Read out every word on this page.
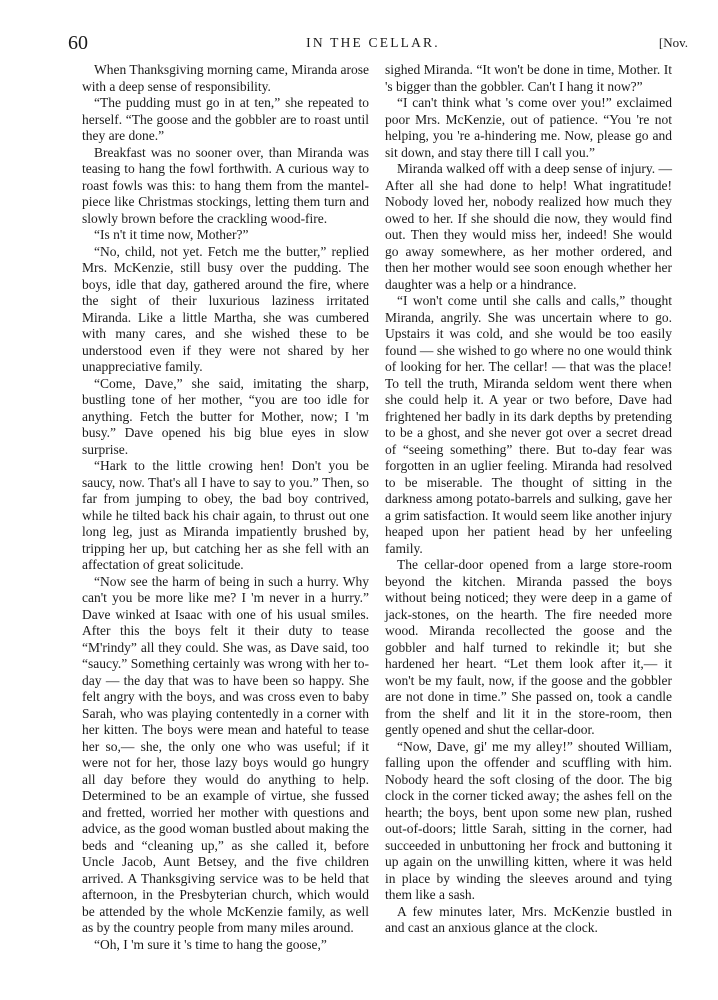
60	IN THE CELLAR.	[Nov.

When Thanksgiving morning came, Miranda arose with a deep sense of responsibility.

“The pudding must go in at ten,” she repeated to herself. “The goose and the gobbler are to roast until they are done.”

Breakfast was no sooner over, than Miranda was teasing to hang the fowl forthwith. A curious way to roast fowls was this: to hang them from the mantel-piece like Christmas stockings, letting them turn and slowly brown before the crackling wood-fire.

“Is n't it time now, Mother?”

“No, child, not yet. Fetch me the butter,” replied Mrs. McKenzie, still busy over the pudding. The boys, idle that day, gathered around the fire, where the sight of their luxurious laziness irritated Miranda. Like a little Martha, she was cumbered with many cares, and she wished these to be understood even if they were not shared by her unappreciative family.

“Come, Dave,” she said, imitating the sharp, bustling tone of her mother, “you are too idle for anything. Fetch the butter for Mother, now; I 'm busy.” Dave opened his big blue eyes in slow surprise.

“Hark to the little crowing hen! Don't you be saucy, now. That's all I have to say to you.” Then, so far from jumping to obey, the bad boy contrived, while he tilted back his chair again, to thrust out one long leg, just as Miranda impatiently brushed by, tripping her up, but catching her as she fell with an affectation of great solicitude.

“Now see the harm of being in such a hurry. Why can't you be more like me? I 'm never in a hurry.” Dave winked at Isaac with one of his usual smiles. After this the boys felt it their duty to tease “M'rindy” all they could. She was, as Dave said, too “saucy.” Something certainly was wrong with her to-day — the day that was to have been so happy. She felt angry with the boys, and was cross even to baby Sarah, who was playing contentedly in a corner with her kitten. The boys were mean and hateful to tease her so,— she, the only one who was useful; if it were not for her, those lazy boys would go hungry all day before they would do anything to help. Determined to be an example of virtue, she fussed and fretted, worried her mother with questions and advice, as the good woman bustled about making the beds and “cleaning up,” as she called it, before Uncle Jacob, Aunt Betsey, and the five children arrived. A Thanksgiving service was to be held that afternoon, in the Presbyterian church, which would be attended by the whole McKenzie family, as well as by the country people from many miles around.

“Oh, I 'm sure it 's time to hang the goose,”

sighed Miranda. “It won't be done in time, Mother. It 's bigger than the gobbler. Can't I hang it now?”

“I can't think what 's come over you!” exclaimed poor Mrs. McKenzie, out of patience. “You 're not helping, you 're a-hindering me. Now, please go and sit down, and stay there till I call you.”

Miranda walked off with a deep sense of injury. — After all she had done to help! What ingratitude! Nobody loved her, nobody realized how much they owed to her. If she should die now, they would find out. Then they would miss her, indeed! She would go away somewhere, as her mother ordered, and then her mother would see soon enough whether her daughter was a help or a hindrance.

“I won't come until she calls and calls,” thought Miranda, angrily. She was uncertain where to go. Upstairs it was cold, and she would be too easily found — she wished to go where no one would think of looking for her. The cellar! — that was the place! To tell the truth, Miranda seldom went there when she could help it. A year or two before, Dave had frightened her badly in its dark depths by pretending to be a ghost, and she never got over a secret dread of “seeing something” there. But to-day fear was forgotten in an uglier feeling. Miranda had resolved to be miserable. The thought of sitting in the darkness among potato-barrels and sulking, gave her a grim satisfaction. It would seem like another injury heaped upon her patient head by her unfeeling family.

The cellar-door opened from a large store-room beyond the kitchen. Miranda passed the boys without being noticed; they were deep in a game of jack-stones, on the hearth. The fire needed more wood. Miranda recollected the goose and the gobbler and half turned to rekindle it; but she hardened her heart. “Let them look after it,— it won't be my fault, now, if the goose and the gobbler are not done in time.” She passed on, took a candle from the shelf and lit it in the store-room, then gently opened and shut the cellar-door.

“Now, Dave, gi' me my alley!” shouted William, falling upon the offender and scuffling with him. Nobody heard the soft closing of the door. The big clock in the corner ticked away; the ashes fell on the hearth; the boys, bent upon some new plan, rushed out-of-doors; little Sarah, sitting in the corner, had succeeded in unbuttoning her frock and buttoning it up again on the unwilling kitten, where it was held in place by winding the sleeves around and tying them like a sash.

A few minutes later, Mrs. McKenzie bustled in and cast an anxious glance at the clock.
